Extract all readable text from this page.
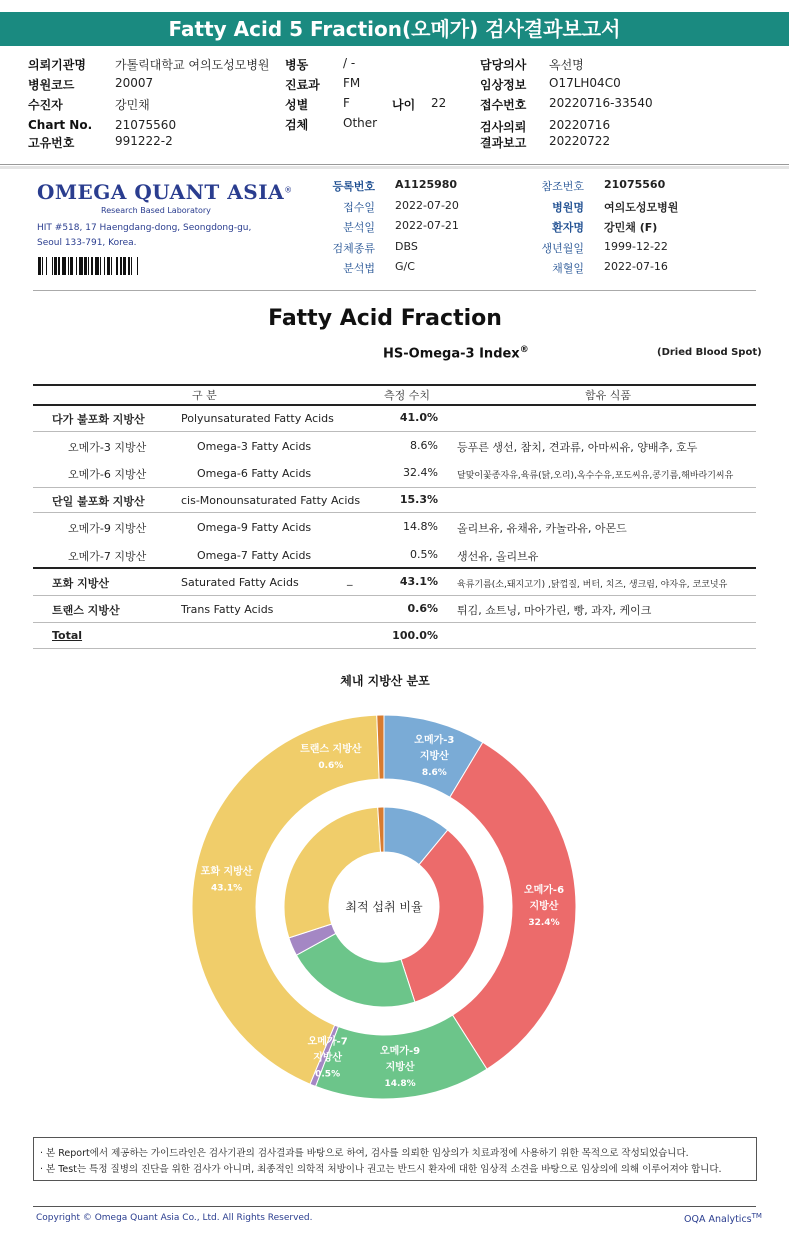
Fatty Acid 5 Fraction(오메가) 검사결과보고서
의뢰기관명 가톨릭대학교 여의도성모병원
병원코드	20007
수진자	강민채
Chart No. 21075560
고유번호	991222-2
병동	/ -
진료과 FM
성별	F	나이 22
검체	Other
담당의사 옥선명
임상정보 O17LH04C0
접수번호 20220716-33540
검사의뢰 20220716
결과보고 20220722
OMEGA QUANT ASIA®
Research Based Laboratory
HIT #518, 17 Haengdang-dong, Seongdong-gu,
Seoul 133-791, Korea.
등록번호 A1125980
접수일 2022-07-20
분석일 2022-07-21
검체종류 DBS
분석법 G/C
참조번호 21075560
병원명 여의도성모병원
환자명 강민채 (F)
생년월일 1999-12-22
채혈일 2022-07-16
Fatty Acid Fraction
HS-Omega-3 Index®	(Dried Blood Spot)
구 분	측정 수치	함유 식품
다가 불포화 지방산	Polyunsaturated Fatty Acids	41.0%
오메가-3 지방산	Omega-3 Fatty Acids	8.6% 등푸른 생선, 참치, 견과류, 아마씨유, 양배추, 호두
오메가-6 지방산	Omega-6 Fatty Acids	32.4% 달맞이꽃종자유,육류(닭,오리),옥수수유,포도씨유,콩기름,해바라기씨유
단일 불포화 지방산	cis-Monounsaturated Fatty Acids	15.3%
오메가-9 지방산	Omega-9 Fatty Acids	14.8% 올리브유, 유채유, 카놀라유, 아몬드
오메가-7 지방산	Omega-7 Fatty Acids	0.5% 생선유, 올리브유
포화 지방산	Saturated Fatty Acids	_	43.1% 육류기름(소,돼지고기) ,닭껍질, 버터, 치즈, 생크림, 야자유, 코코넛유
트랜스 지방산	Trans Fatty Acids	0.6% 튀김, 쇼트닝, 마아가린, 빵, 과자, 케이크
Total	100.0%
체내 지방산 분포
최적 섭취 비율
오메가-3
지방산
8.6%
오메가-6
지방산
32.4%
오메가-9
지방산
14.8%
오메가-7
지방산
0.5%
포화 지방산
43.1%
트랜스 지방산
0.6%
· 본 Report에서 제공하는 가이드라인은 검사기관의 검사결과를 바탕으로 하여, 검사를 의뢰한 임상의가 치료과정에 사용하기 위한 목적으로 작성되었습니다.
· 본 Test는 특정 질병의 진단을 위한 검사가 아니며, 최종적인 의학적 처방이나 권고는 반드시 환자에 대한 임상적 소견을 바탕으로 임상의에 의해 이루어져야 합니다.
Copyright © Omega Quant Asia Co., Ltd. All Rights Reserved.	OQA Analytics™
